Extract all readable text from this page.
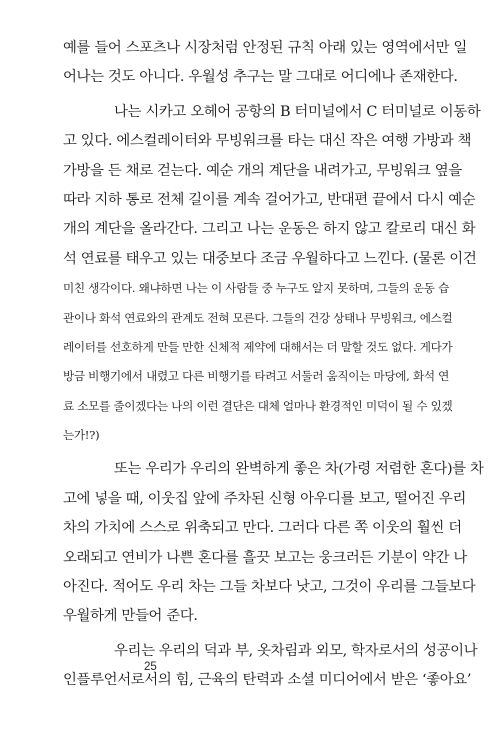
예를 들어 스포츠나 시장처럼 안정된 규칙 아래 있는 영역에서만 일
어나는 것도 아니다. 우월성 추구는 말 그대로 어디에나 존재한다.
나는 시카고 오헤어 공항의 B 터미널에서 C 터미널로 이동하
고 있다. 에스컬레이터와 무빙워크를 타는 대신 작은 여행 가방과 책
가방을 든 채로 걷는다. 예순 개의 계단을 내려가고, 무빙워크 옆을
따라 지하 통로 전체 길이를 계속 걸어가고, 반대편 끝에서 다시 예순
개의 계단을 올라간다. 그리고 나는 운동은 하지 않고 칼로리 대신 화
석 연료를 태우고 있는 대중보다 조금 우월하다고 느낀다. (물론 이건
미친 생각이다. 왜냐하면 나는 이 사람들 중 누구도 알지 못하며, 그들의 운동 습
관이나 화석 연료와의 관계도 전혀 모른다. 그들의 건강 상태나 무빙워크, 에스컬
레이터를 선호하게 만들 만한 신체적 제약에 대해서는 더 말할 것도 없다. 게다가
방금 비행기에서 내렸고 다른 비행기를 타려고 서둘러 움직이는 마당에, 화석 연
료 소모를 줄이겠다는 나의 이런 결단은 대체 얼마나 환경적인 미덕이 될 수 있겠
는가!?)
또는 우리가 우리의 완벽하게 좋은 차(가령 저렴한 혼다)를 차
고에 넣을 때, 이웃집 앞에 주차된 신형 아우디를 보고, 떨어진 우리
차의 가치에 스스로 위축되고 만다. 그러다 다른 쪽 이웃의 훨씬 더
오래되고 연비가 나쁜 혼다를 흘끗 보고는 웅크러든 기분이 약간 나
아진다. 적어도 우리 차는 그들 차보다 낫고, 그것이 우리를 그들보다
우월하게 만들어 준다.
우리는 우리의 덕과 부, 옷차림과 외모, 학자로서의 성공이나
인플루언서로서의 힘, 근육의 탄력과 소셜 미디어에서 받은 ‘좋아요’
25
